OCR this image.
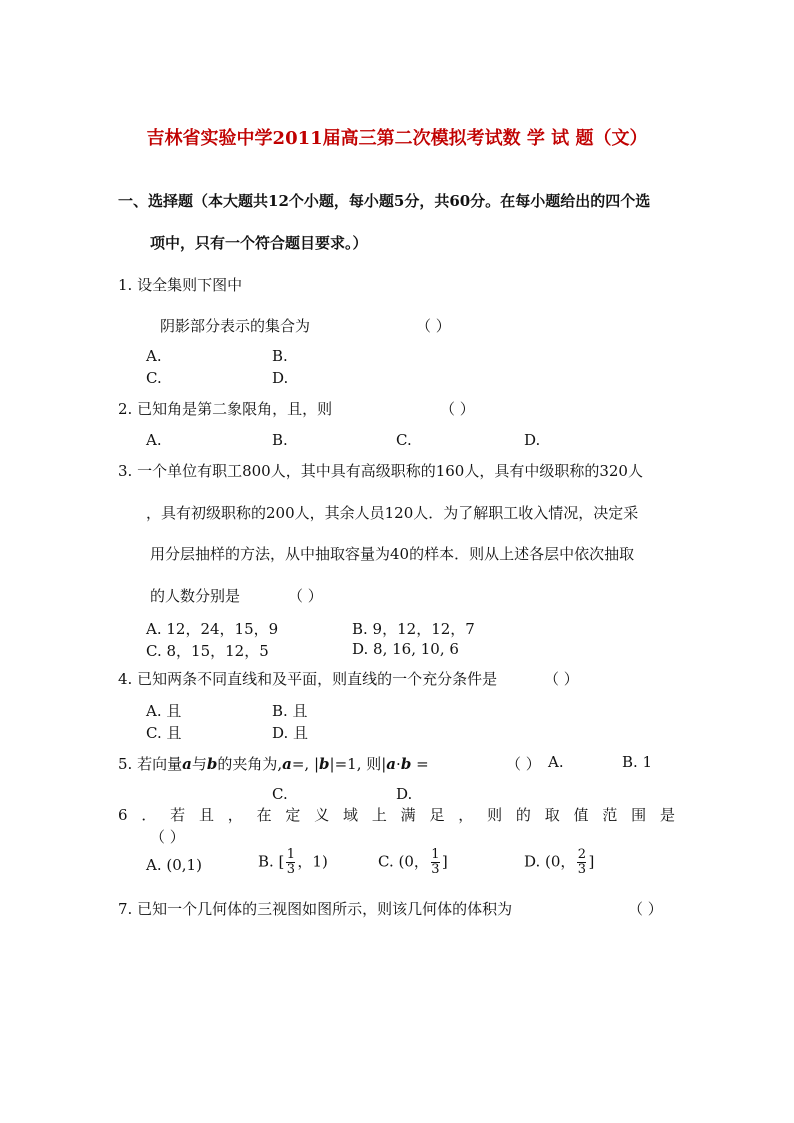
吉林省实验中学2011届高三第二次模拟考试数 学 试 题（文）
一、选择题（本大题共12个小题，每小题5分，共60分。在每小题给出的四个选
项中，只有一个符合题目要求。）
1. 设全集则下图中
阴影部分表示的集合为	（ ）
A.	B.
C.	D.
2. 已知角是第二象限角，且，则	（ ）
A.	B.	C.	D.
3. 一个单位有职工800人，其中具有高级职称的160人，具有中级职称的320人
，具有初级职称的200人，其余人员120人．为了解职工收入情况，决定采
用分层抽样的方法，从中抽取容量为40的样本．则从上述各层中依次抽取
的人数分别是	（ ）
A. 12，24，15，9	B. 9，12，12，7
C. 8，15，12，5	D. 8, 16, 10, 6
4. 已知两条不同直线和及平面，则直线的一个充分条件是	（ ）
A. 且	B. 且
C. 且	D. 且
5. 若向量a与b的夹角为,a=, |b|=1, 则|a·b =	（ ） A.	B. 1
C.	D.
6．若且，在定义域上满足，则的取值范围是
（ ）
A. (0,1)	B. [ $\frac{1}{3}$ ，1)	C. (0， $\frac{1}{3}$ ]	D. (0， $\frac{2}{3}$ ]
7. 已知一个几何体的三视图如图所示，则该几何体的体积为	（ ）
